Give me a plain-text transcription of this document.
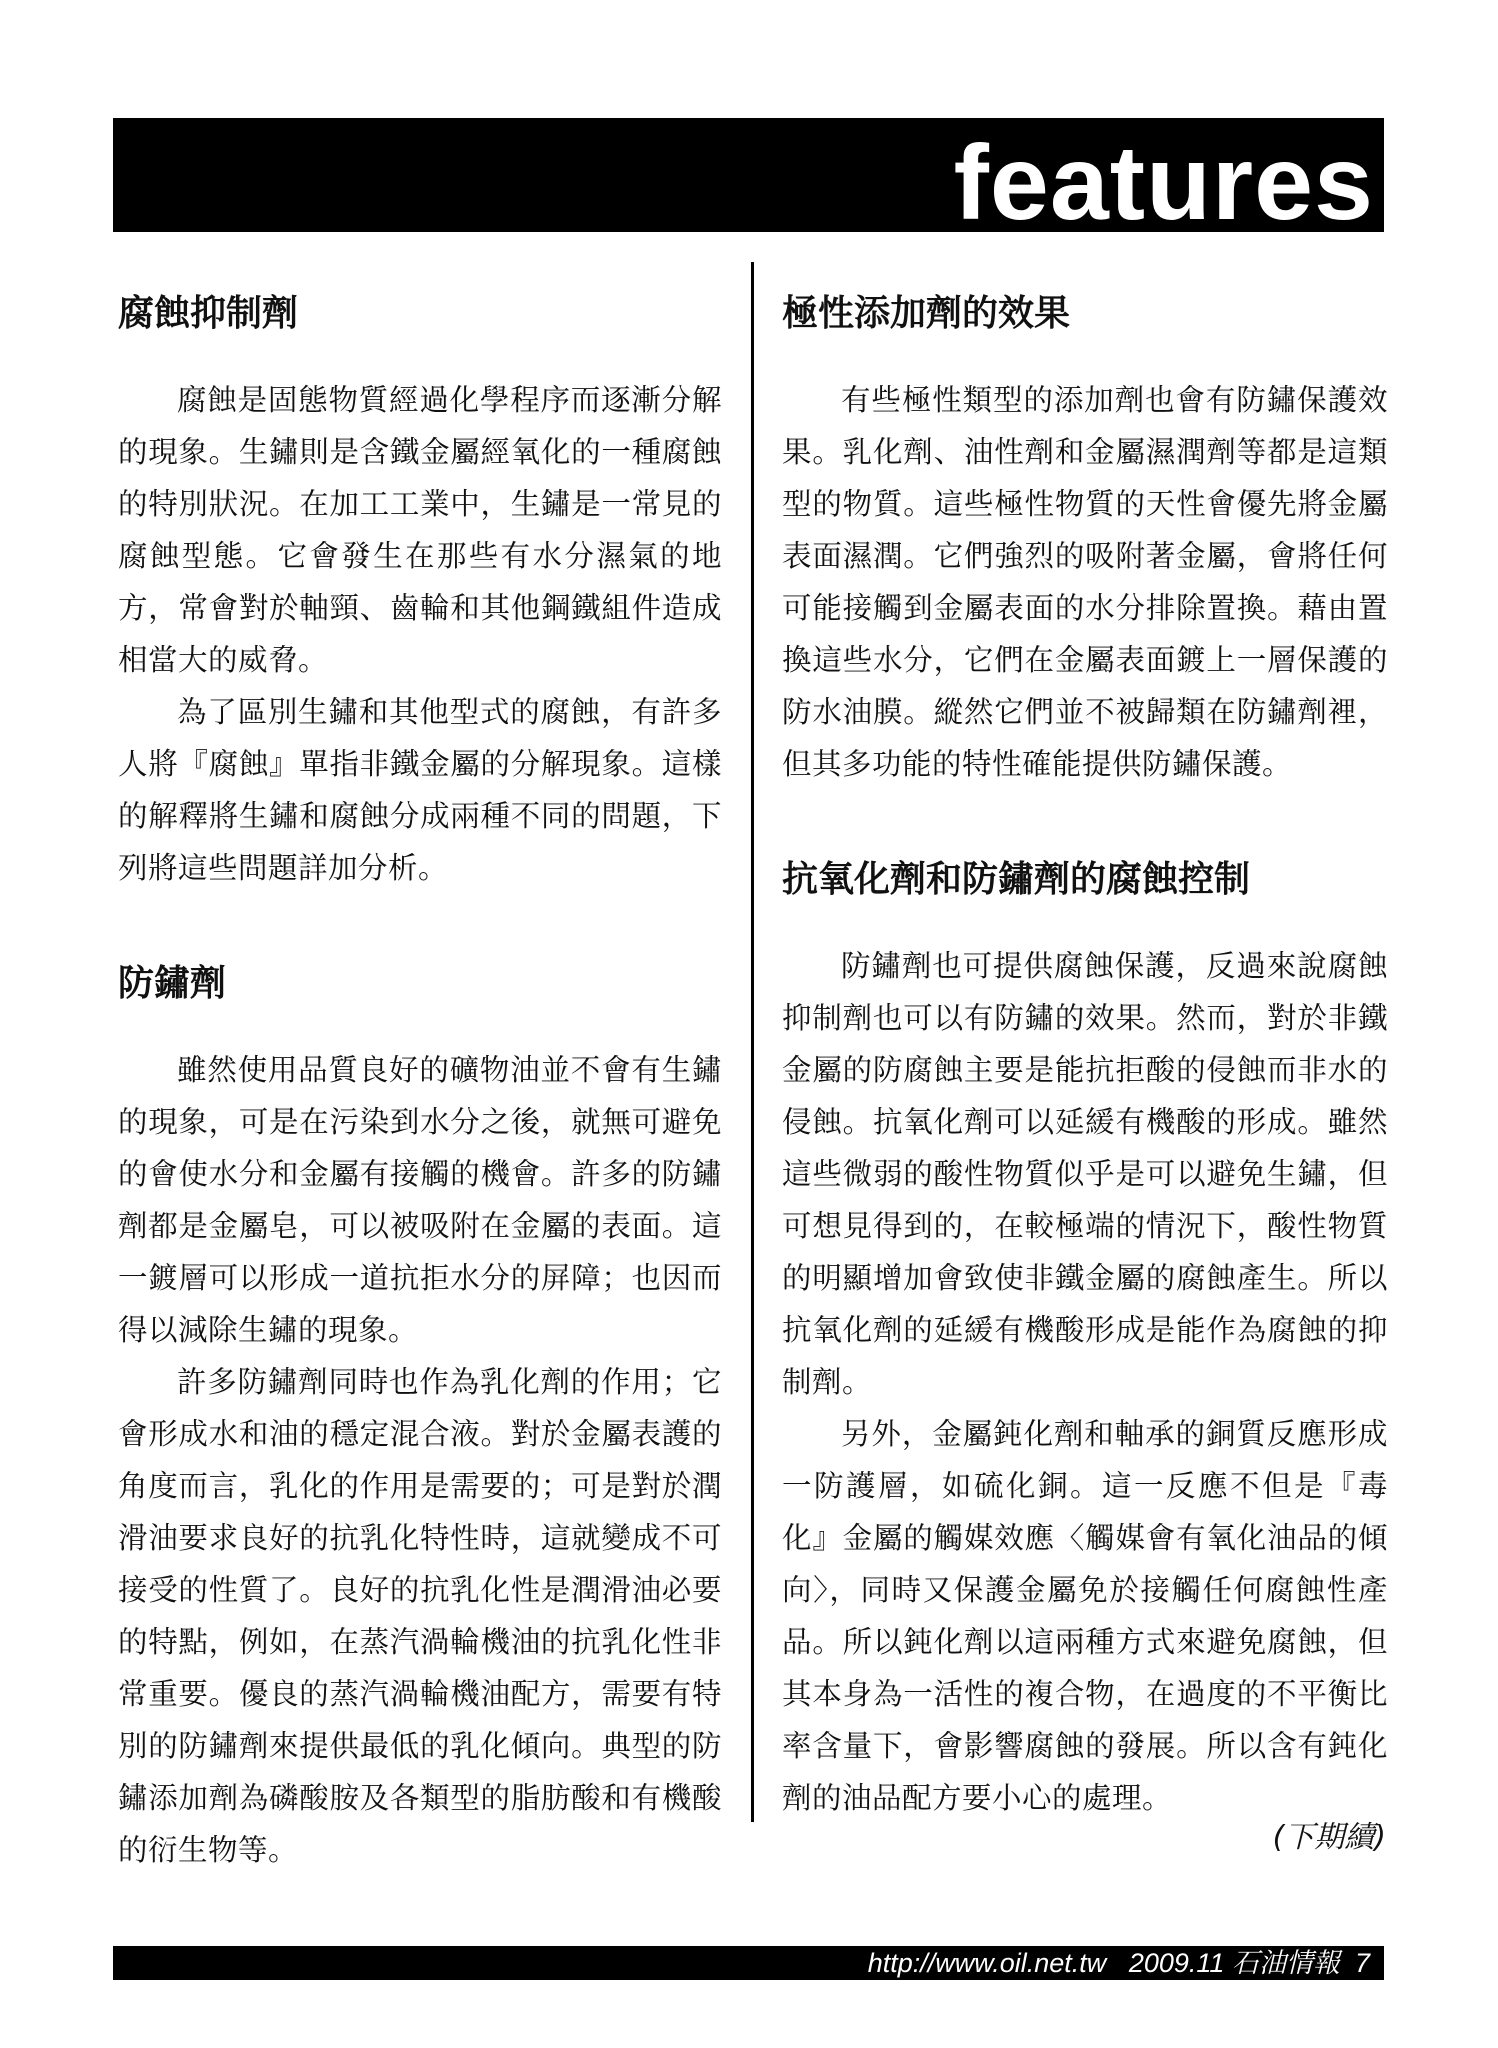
features
腐蝕抑制劑

腐蝕是固態物質經過化學程序而逐漸分解的現象。生鏽則是含鐵金屬經氧化的一種腐蝕的特別狀況。在加工工業中，生鏽是一常見的腐蝕型態。它會發生在那些有水分濕氣的地方，常會對於軸頸、齒輪和其他鋼鐵組件造成相當大的威脅。

為了區別生鏽和其他型式的腐蝕，有許多人將『腐蝕』單指非鐵金屬的分解現象。這樣的解釋將生鏽和腐蝕分成兩種不同的問題，下列將這些問題詳加分析。

防鏽劑

雖然使用品質良好的礦物油並不會有生鏽的現象，可是在污染到水分之後，就無可避免的會使水分和金屬有接觸的機會。許多的防鏽劑都是金屬皂，可以被吸附在金屬的表面。這一鍍層可以形成一道抗拒水分的屏障；也因而得以減除生鏽的現象。

許多防鏽劑同時也作為乳化劑的作用；它會形成水和油的穩定混合液。對於金屬表護的角度而言，乳化的作用是需要的；可是對於潤滑油要求良好的抗乳化特性時，這就變成不可接受的性質了。良好的抗乳化性是潤滑油必要的特點，例如，在蒸汽渦輪機油的抗乳化性非常重要。優良的蒸汽渦輪機油配方，需要有特別的防鏽劑來提供最低的乳化傾向。典型的防鏽添加劑為磷酸胺及各類型的脂肪酸和有機酸的衍生物等。

極性添加劑的效果

有些極性類型的添加劑也會有防鏽保護效果。乳化劑、油性劑和金屬濕潤劑等都是這類型的物質。這些極性物質的天性會優先將金屬表面濕潤。它們強烈的吸附著金屬，會將任何可能接觸到金屬表面的水分排除置換。藉由置換這些水分，它們在金屬表面鍍上一層保護的防水油膜。縱然它們並不被歸類在防鏽劑裡，但其多功能的特性確能提供防鏽保護。

抗氧化劑和防鏽劑的腐蝕控制

防鏽劑也可提供腐蝕保護，反過來說腐蝕抑制劑也可以有防鏽的效果。然而，對於非鐵金屬的防腐蝕主要是能抗拒酸的侵蝕而非水的侵蝕。抗氧化劑可以延緩有機酸的形成。雖然這些微弱的酸性物質似乎是可以避免生鏽，但可想見得到的，在較極端的情況下，酸性物質的明顯增加會致使非鐵金屬的腐蝕產生。所以抗氧化劑的延緩有機酸形成是能作為腐蝕的抑制劑。

另外，金屬鈍化劑和軸承的銅質反應形成一防護層，如硫化銅。這一反應不但是『毒化』金屬的觸媒效應〈觸媒會有氧化油品的傾向〉，同時又保護金屬免於接觸任何腐蝕性產品。所以鈍化劑以這兩種方式來避免腐蝕，但其本身為一活性的複合物，在過度的不平衡比率含量下，會影響腐蝕的發展。所以含有鈍化劑的油品配方要小心的處理。

(下期續)
http://www.oil.net.tw 2009.11 石油情報 7
